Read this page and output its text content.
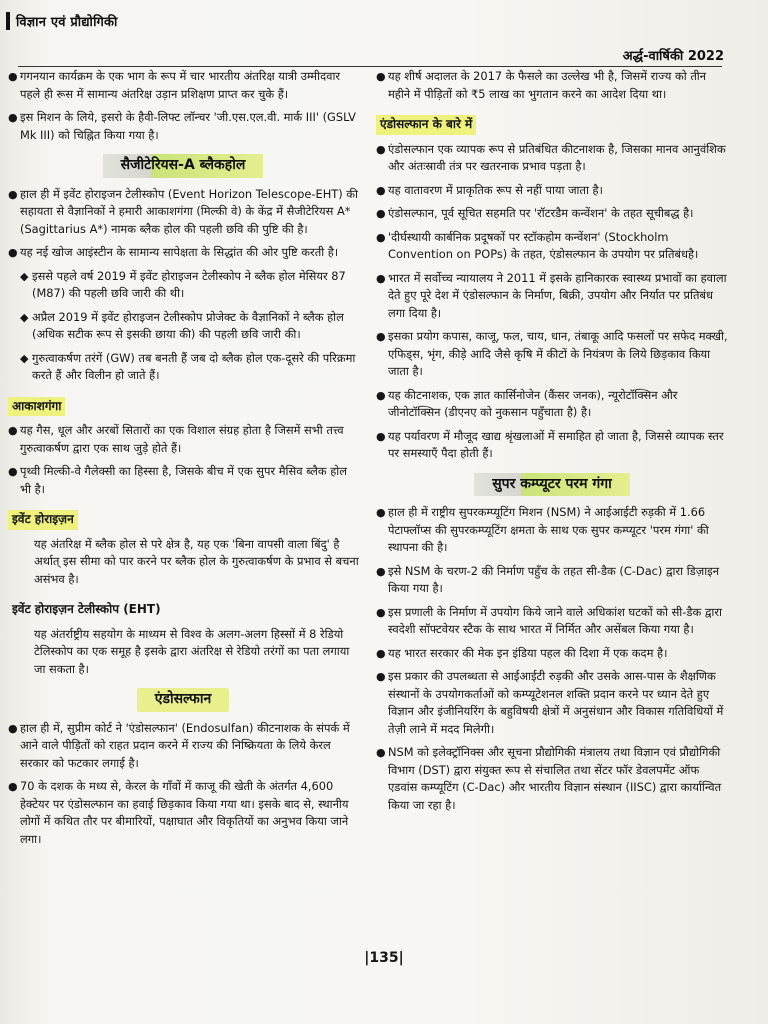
विज्ञान एवं प्रौद्योगिकी
अर्द्ध-वार्षिकी 2022

● गगनयान कार्यक्रम के एक भाग के रूप में चार भारतीय अंतरिक्ष यात्री उम्मीदवार पहले ही रूस में सामान्य अंतरिक्ष उड़ान प्रशिक्षण प्राप्त कर चुके हैं।

● इस मिशन के लिये, इसरो के हैवी-लिफ्ट लॉन्चर 'जी.एस.एल.वी. मार्क III' (GSLV Mk III) को चिह्नित किया गया है।

सैजीटेरियस-A ब्लैकहोल

● हाल ही में इवेंट होराइजन टेलीस्कोप (Event Horizon Telescope-EHT) की सहायता से वैज्ञानिकों ने हमारी आकाशगंगा (मिल्की वे) के केंद्र में सैजीटेरियस A* (Sagittarius A*) नामक ब्लैक होल की पहली छवि की पुष्टि की है।

● यह नई खोज आइंस्टीन के सामान्य सापेक्षता के सिद्धांत की ओर पुष्टि करती है।

◆ इससे पहले वर्ष 2019 में इवेंट होराइजन टेलीस्कोप ने ब्लैक होल मेसियर 87 (M87) की पहली छवि जारी की थी।

◆ अप्रैल 2019 में इवेंट होराइजन टेलीस्कोप प्रोजेक्ट के वैज्ञानिकों ने ब्लैक होल (अधिक सटीक रूप से इसकी छाया की) की पहली छवि जारी की।

◆ गुरुत्वाकर्षण तरंगें (GW) तब बनती हैं जब दो ब्लैक होल एक-दूसरे की परिक्रमा करते हैं और विलीन हो जाते हैं।

आकाशगंगा

● यह गैस, धूल और अरबों सितारों का एक विशाल संग्रह होता है जिसमें सभी तत्त्व गुरुत्वाकर्षण द्वारा एक साथ जुड़े होते हैं।

● पृथ्वी मिल्की-वे गैलेक्सी का हिस्सा है, जिसके बीच में एक सुपर मैसिव ब्लैक होल भी है।

इवेंट होराइज़न

यह अंतरिक्ष में ब्लैक होल से परे क्षेत्र है, यह एक 'बिना वापसी वाला बिंदु' है अर्थात् इस सीमा को पार करने पर ब्लैक होल के गुरुत्वाकर्षण के प्रभाव से बचना असंभव है।

इवेंट होराइज़न टेलीस्कोप (EHT)

यह अंतर्राष्ट्रीय सहयोग के माध्यम से विश्व के अलग-अलग हिस्सों में 8 रेडियो टेलिस्कोप का एक समूह है इसके द्वारा अंतरिक्ष से रेडियो तरंगों का पता लगाया जा सकता है।

एंडोसल्फान

● हाल ही में, सुप्रीम कोर्ट ने 'एंडोसल्फान' (Endosulfan) कीटनाशक के संपर्क में आने वाले पीड़ितों को राहत प्रदान करने में राज्य की निष्क्रियता के लिये केरल सरकार को फटकार लगाई है।

● 70 के दशक के मध्य से, केरल के गाँवों में काजू की खेती के अंतर्गत 4,600 हेक्टेयर पर एंडोसल्फान का हवाई छिड़काव किया गया था। इसके बाद से, स्थानीय लोगों में कथित तौर पर बीमारियों, पक्षाघात और विकृतियों का अनुभव किया जाने लगा।

● यह शीर्ष अदालत के 2017 के फैसले का उल्लेख भी है, जिसमें राज्य को तीन महीने में पीड़ितों को ₹5 लाख का भुगतान करने का आदेश दिया था।

एंडोसल्फान के बारे में

● एंडोसल्फान एक व्यापक रूप से प्रतिबंधित कीटनाशक है, जिसका मानव आनुवंशिक और अंतःस्रावी तंत्र पर खतरनाक प्रभाव पड़ता है।

● यह वातावरण में प्राकृतिक रूप से नहीं पाया जाता है।

● एंडोसल्फान, पूर्व सूचित सहमति पर 'रॉटरडैम कन्वेंशन' के तहत सूचीबद्ध है।

● 'दीर्घस्थायी कार्बनिक प्रदूषकों पर स्टॉकहोम कन्वेंशन' (Stockholm Convention on POPs) के तहत, एंडोसल्फान के उपयोग पर प्रतिबंधहै।

● भारत में सर्वोच्च न्यायालय ने 2011 में इसके हानिकारक स्वास्थ्य प्रभावों का हवाला देते हुए पूरे देश में एंडोसल्फान के निर्माण, बिक्री, उपयोग और निर्यात पर प्रतिबंध लगा दिया है।

● इसका प्रयोग कपास, काजू, फल, चाय, धान, तंबाकू आदि फसलों पर सफेद मक्खी, एफिड्स, भृंग, कीड़े आदि जैसे कृषि में कीटों के नियंत्रण के लिये छिड़काव किया जाता है।

● यह कीटनाशक, एक ज्ञात कार्सिनोजेन (कैंसर जनक), न्यूरोटॉक्सिन और जीनोटॉक्सिन (डीएनए को नुकसान पहुँचाता है) है।

● यह पर्यावरण में मौजूद खाद्य श्रृंखलाओं में समाहित हो जाता है, जिससे व्यापक स्तर पर समस्याएँ पैदा होती हैं।

सुपर कम्प्यूटर परम गंगा

● हाल ही में राष्ट्रीय सुपरकम्प्यूटिंग मिशन (NSM) ने आईआईटी रुड़की में 1.66 पेटाफ्लॉप्स की सुपरकम्प्यूटिंग क्षमता के साथ एक सुपर कम्प्यूटर 'परम गंगा' की स्थापना की है।

● इसे NSM के चरण-2 की निर्माण पहुँच के तहत सी-डैक (C-Dac) द्वारा डिज़ाइन किया गया है।

● इस प्रणाली के निर्माण में उपयोग किये जाने वाले अधिकांश घटकों को सी-डैक द्वारा स्वदेशी सॉफ्टवेयर स्टैक के साथ भारत में निर्मित और असेंबल किया गया है।

● यह भारत सरकार की मेक इन इंडिया पहल की दिशा में एक कदम है।

● इस प्रकार की उपलब्धता से आईआईटी रुड़की और उसके आस-पास के शैक्षणिक संस्थानों के उपयोगकर्ताओं को कम्प्यूटेशनल शक्ति प्रदान करने पर ध्यान देते हुए विज्ञान और इंजीनियरिंग के बहुविषयी क्षेत्रों में अनुसंधान और विकास गतिविधियों में तेज़ी लाने में मदद मिलेगी।

● NSM को इलेक्ट्रॉनिक्स और सूचना प्रौद्योगिकी मंत्रालय तथा विज्ञान एवं प्रौद्योगिकी विभाग (DST) द्वारा संयुक्त रूप से संचालित तथा सेंटर फॉर डेवलपमेंट ऑफ एडवांस कम्प्यूटिंग (C-Dac) और भारतीय विज्ञान संस्थान (IISC) द्वारा कार्यान्वित किया जा रहा है।

|135|
